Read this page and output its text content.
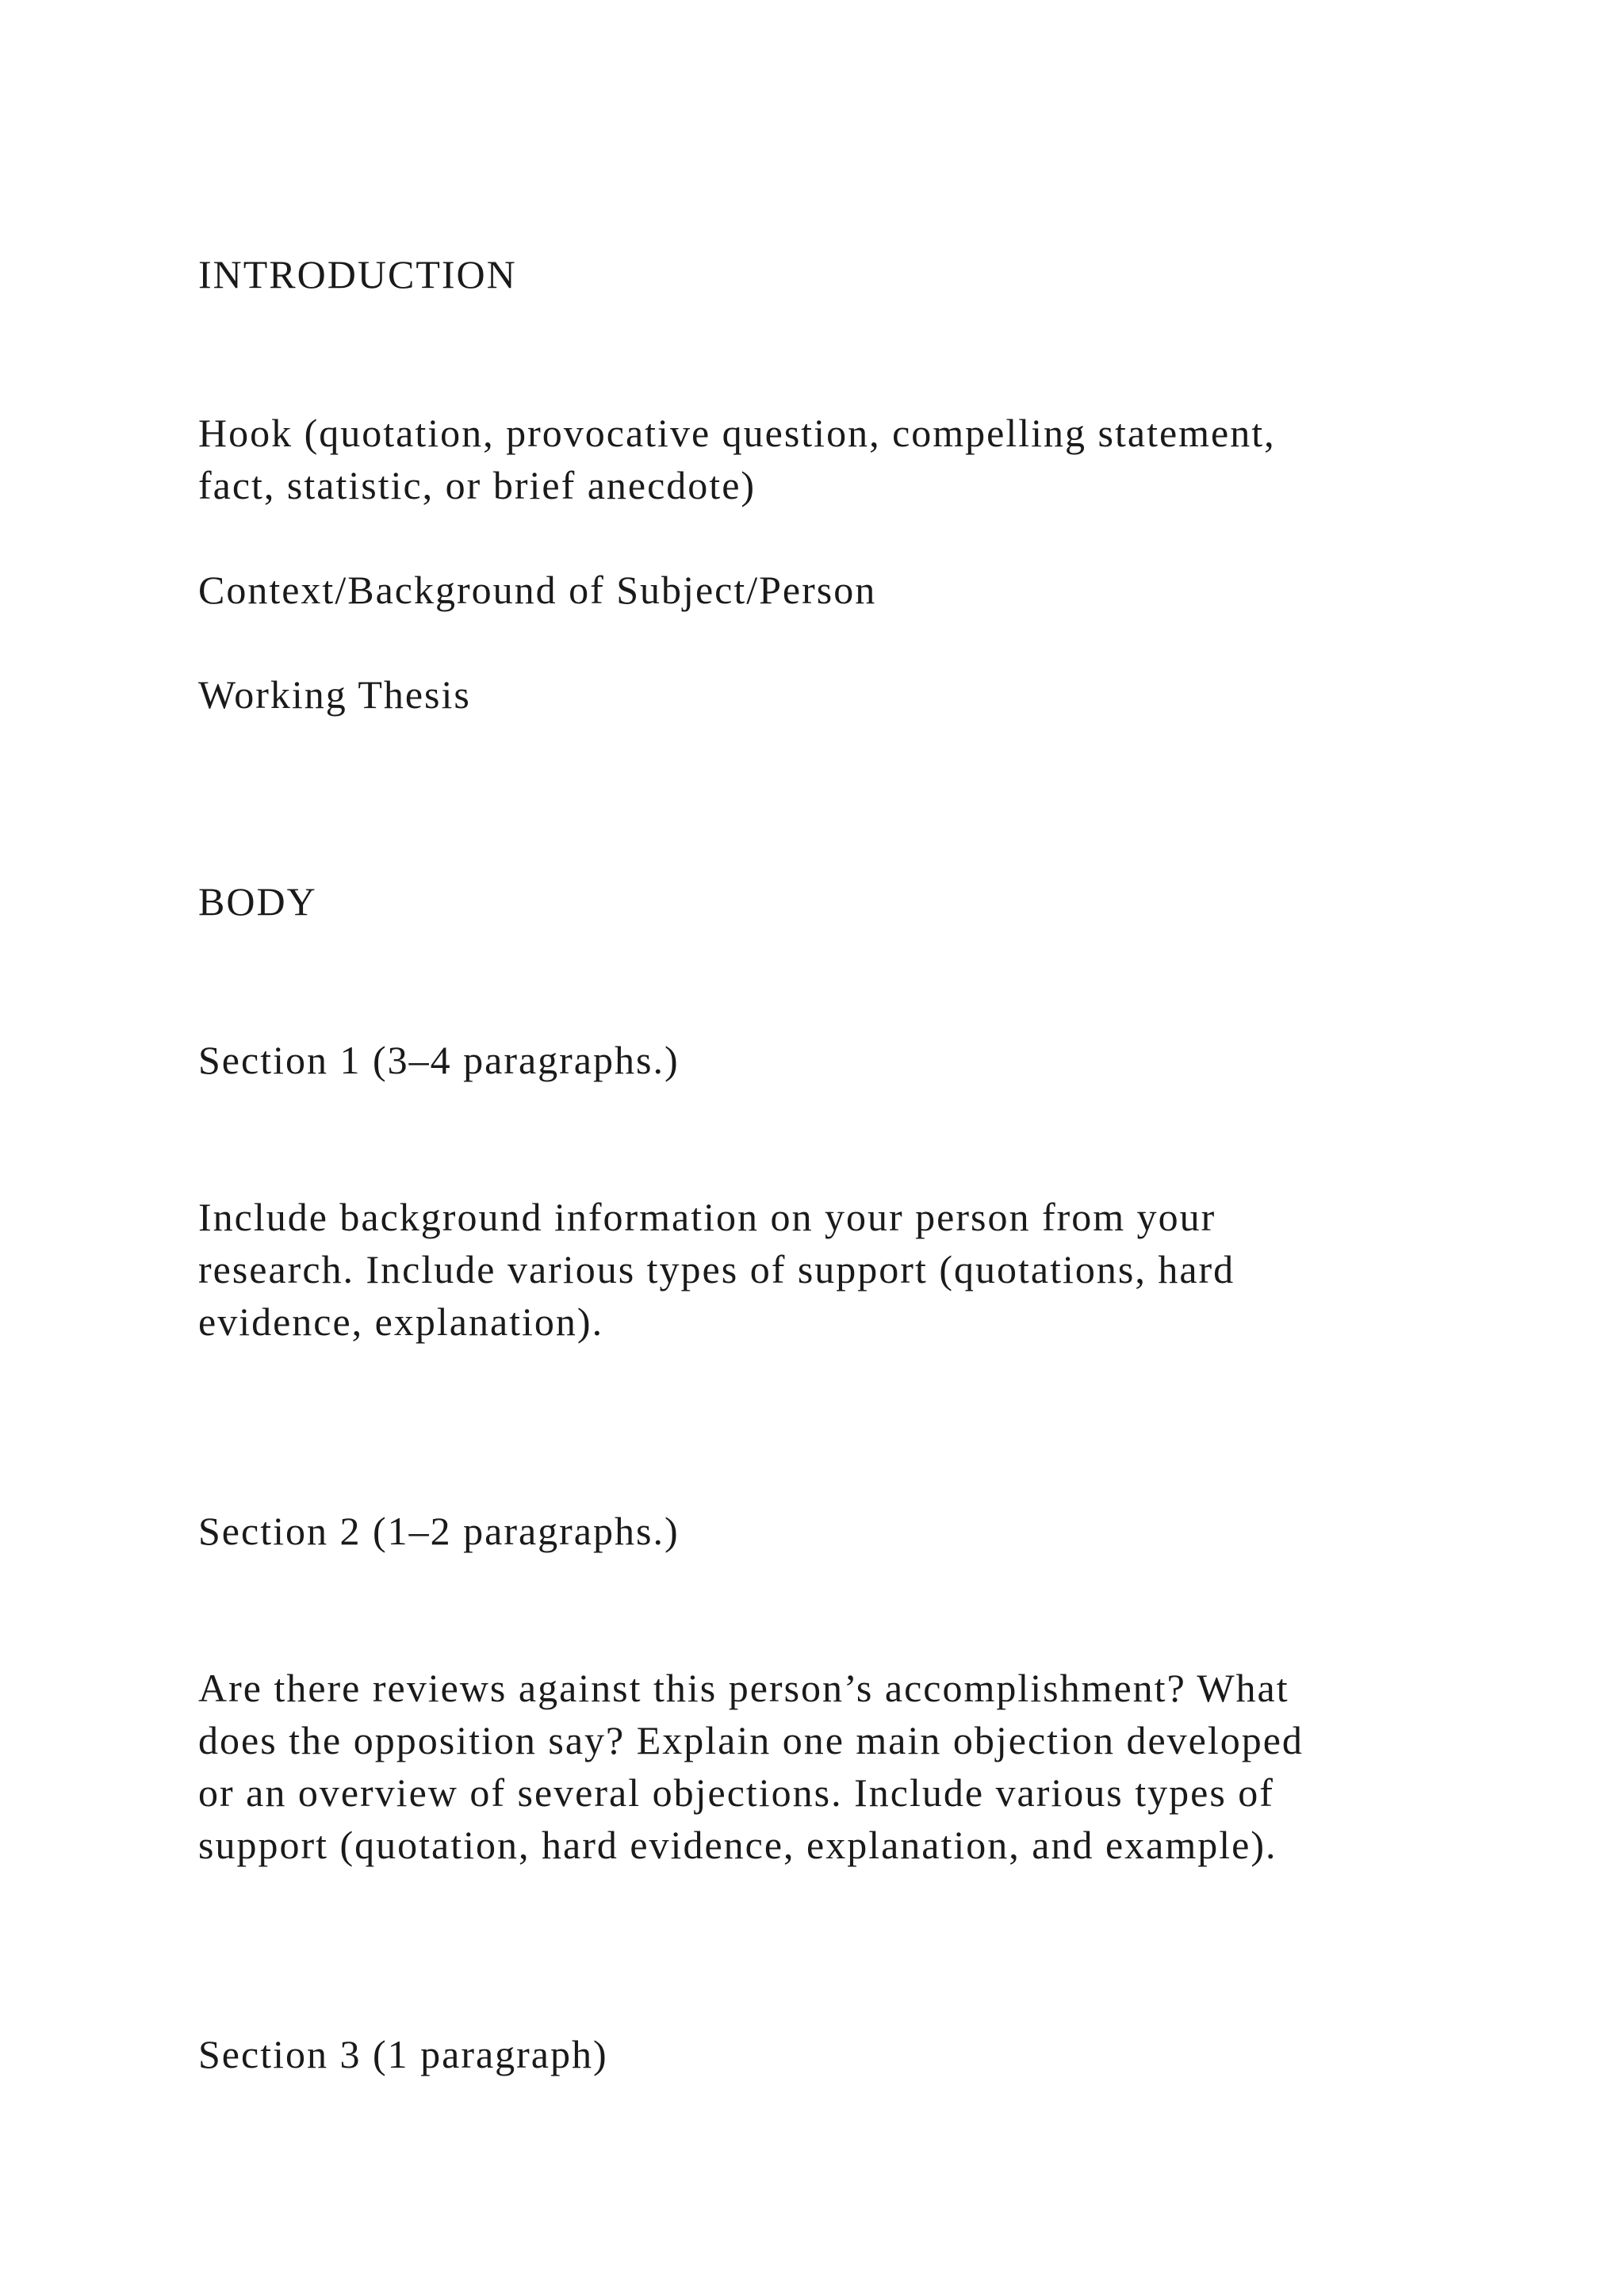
INTRODUCTION

Hook (quotation, provocative question, compelling statement,
fact, statistic, or brief anecdote)

Context/Background of Subject/Person

Working Thesis

BODY

Section 1 (3–4 paragraphs.)

Include background information on your person from your
research. Include various types of support (quotations, hard
evidence, explanation).

Section 2 (1–2 paragraphs.)

Are there reviews against this person’s accomplishment? What
does the opposition say? Explain one main objection developed
or an overview of several objections. Include various types of
support (quotation, hard evidence, explanation, and example).

Section 3 (1 paragraph)
